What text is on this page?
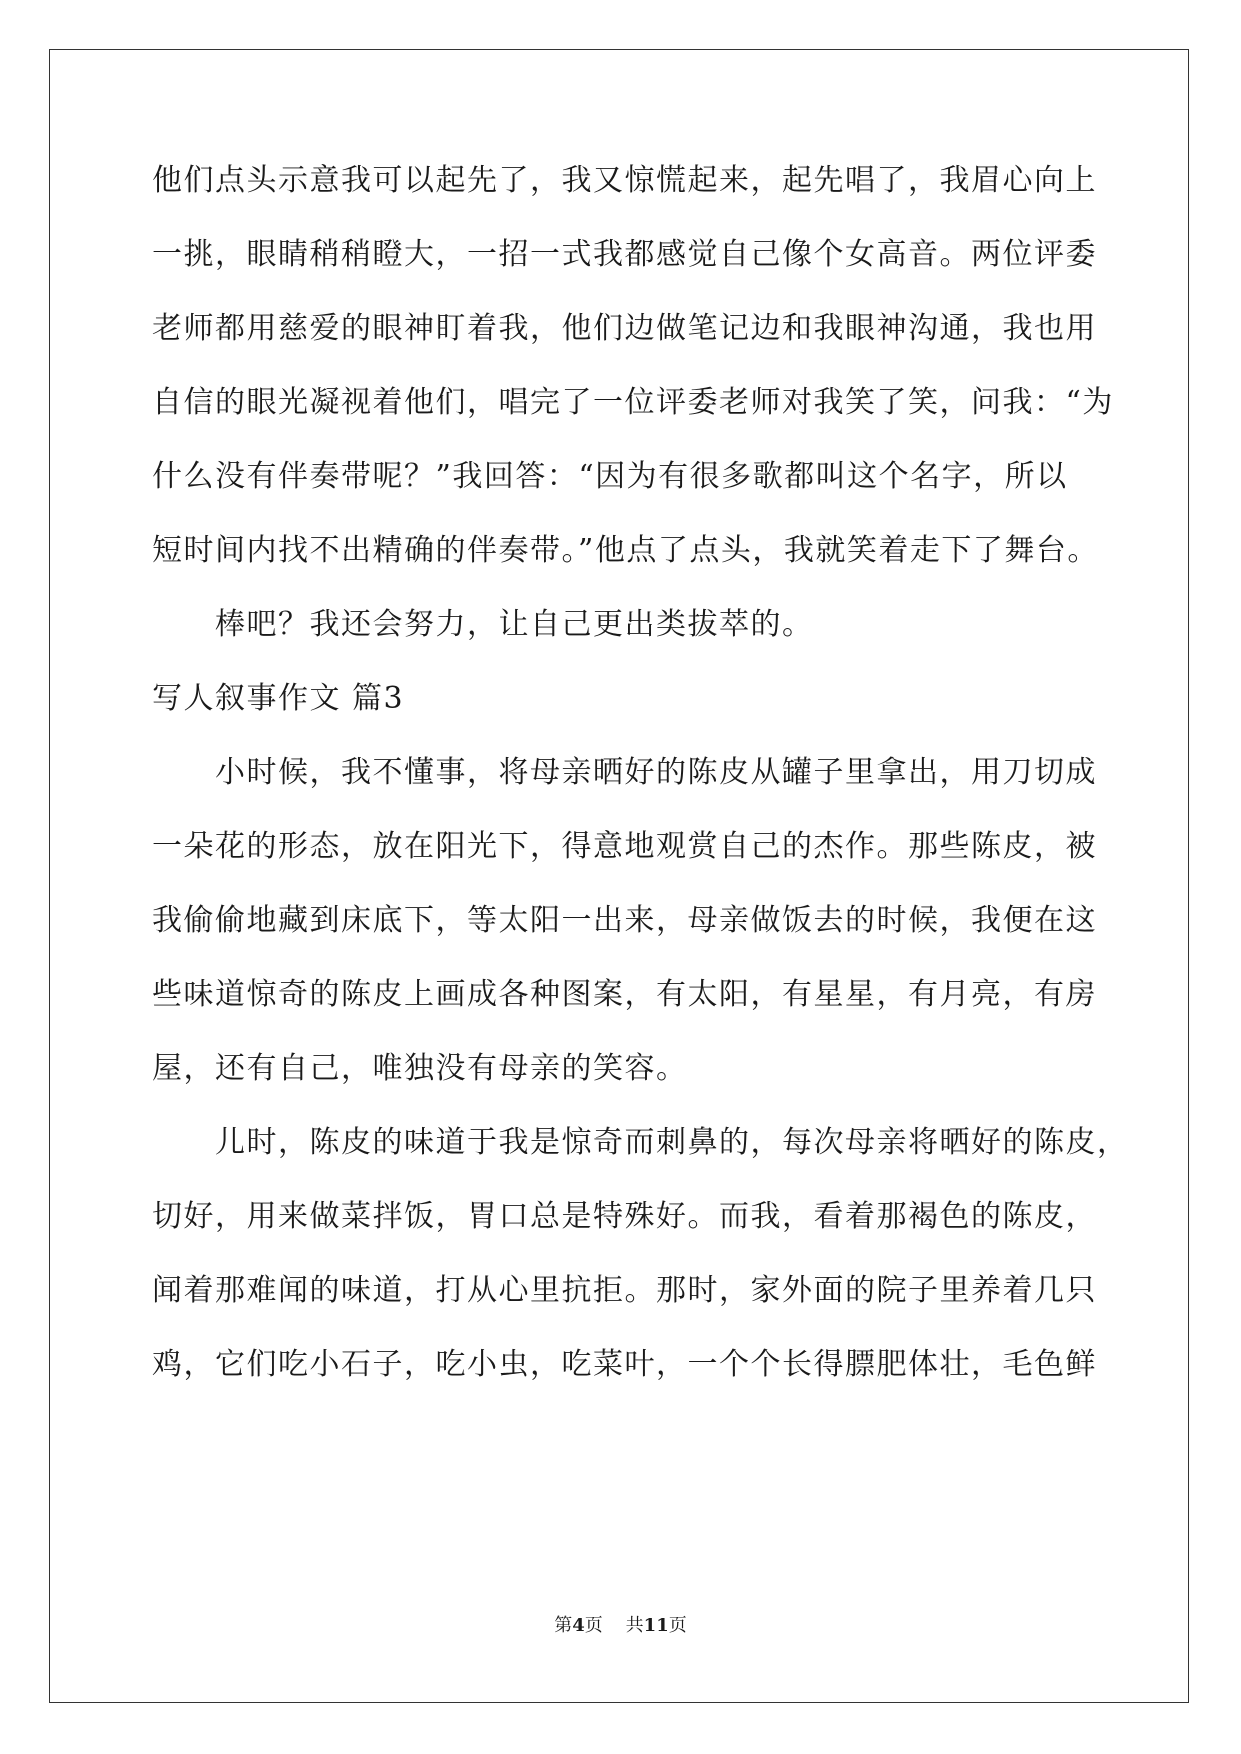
他们点头示意我可以起先了，我又惊慌起来，起先唱了，我眉心向上
一挑，眼睛稍稍瞪大，一招一式我都感觉自己像个女高音。两位评委
老师都用慈爱的眼神盯着我，他们边做笔记边和我眼神沟通，我也用
自信的眼光凝视着他们，唱完了一位评委老师对我笑了笑，问我：“为
什么没有伴奏带呢？”我回答：“因为有很多歌都叫这个名字，所以
短时间内找不出精确的伴奏带。”他点了点头，我就笑着走下了舞台。
　　棒吧？我还会努力，让自己更出类拔萃的。
写人叙事作文 篇3
　　小时候，我不懂事，将母亲晒好的陈皮从罐子里拿出，用刀切成
一朵花的形态，放在阳光下，得意地观赏自己的杰作。那些陈皮，被
我偷偷地藏到床底下，等太阳一出来，母亲做饭去的时候，我便在这
些味道惊奇的陈皮上画成各种图案，有太阳，有星星，有月亮，有房
屋，还有自己，唯独没有母亲的笑容。
　　儿时，陈皮的味道于我是惊奇而刺鼻的，每次母亲将晒好的陈皮，
切好，用来做菜拌饭，胃口总是特殊好。而我，看着那褐色的陈皮，
闻着那难闻的味道，打从心里抗拒。那时，家外面的院子里养着几只
鸡，它们吃小石子，吃小虫，吃菜叶，一个个长得膘肥体壮，毛色鲜
第4页 共11页
